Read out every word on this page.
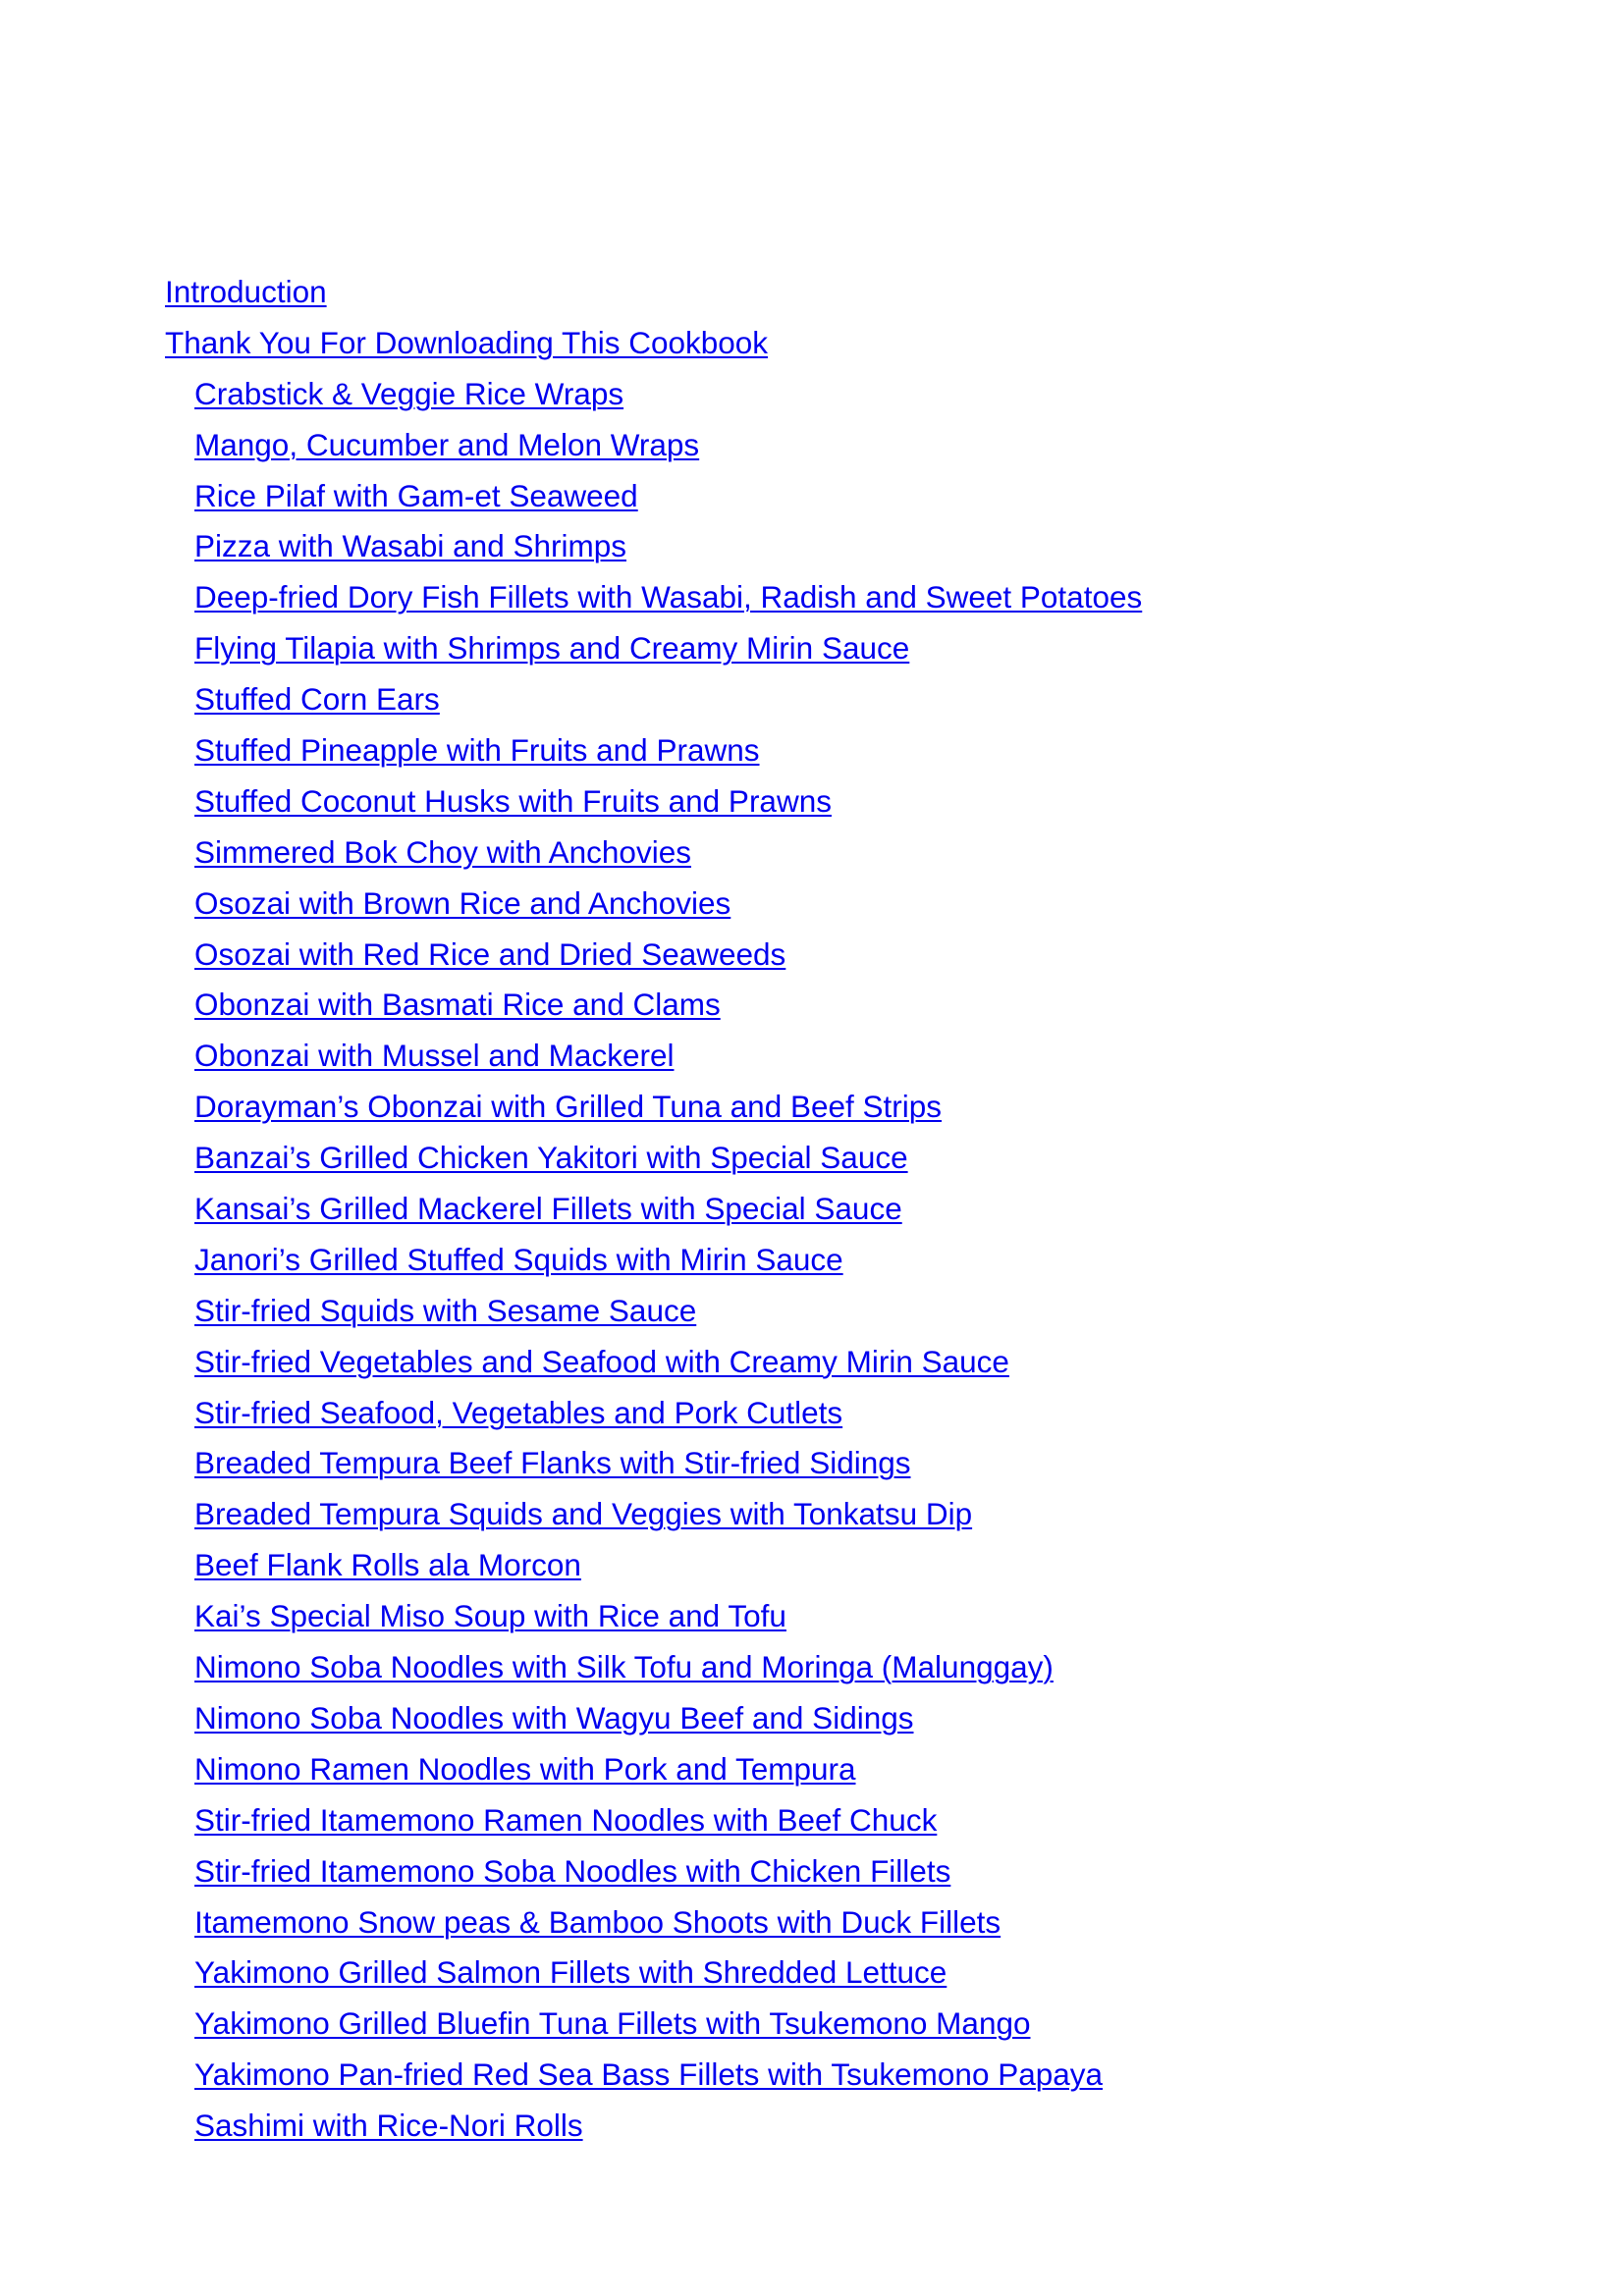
Introduction
Thank You For Downloading This Cookbook
Crabstick & Veggie Rice Wraps
Mango, Cucumber and Melon Wraps
Rice Pilaf with Gam-et Seaweed
Pizza with Wasabi and Shrimps
Deep-fried Dory Fish Fillets with Wasabi, Radish and Sweet Potatoes
Flying Tilapia with Shrimps and Creamy Mirin Sauce
Stuffed Corn Ears
Stuffed Pineapple with Fruits and Prawns
Stuffed Coconut Husks with Fruits and Prawns
Simmered Bok Choy with Anchovies
Osozai with Brown Rice and Anchovies
Osozai with Red Rice and Dried Seaweeds
Obonzai with Basmati Rice and Clams
Obonzai with Mussel and Mackerel
Dorayman’s Obonzai with Grilled Tuna and Beef Strips
Banzai’s Grilled Chicken Yakitori with Special Sauce
Kansai’s Grilled Mackerel Fillets with Special Sauce
Janori’s Grilled Stuffed Squids with Mirin Sauce
Stir-fried Squids with Sesame Sauce
Stir-fried Vegetables and Seafood with Creamy Mirin Sauce
Stir-fried Seafood, Vegetables and Pork Cutlets
Breaded Tempura Beef Flanks with Stir-fried Sidings
Breaded Tempura Squids and Veggies with Tonkatsu Dip
Beef Flank Rolls ala Morcon
Kai’s Special Miso Soup with Rice and Tofu
Nimono Soba Noodles with Silk Tofu and Moringa (Malunggay)
Nimono Soba Noodles with Wagyu Beef and Sidings
Nimono Ramen Noodles with Pork and Tempura
Stir-fried Itamemono Ramen Noodles with Beef Chuck
Stir-fried Itamemono Soba Noodles with Chicken Fillets
Itamemono Snow peas & Bamboo Shoots with Duck Fillets
Yakimono Grilled Salmon Fillets with Shredded Lettuce
Yakimono Grilled Bluefin Tuna Fillets with Tsukemono Mango
Yakimono Pan-fried Red Sea Bass Fillets with Tsukemono Papaya
Sashimi with Rice-Nori Rolls
